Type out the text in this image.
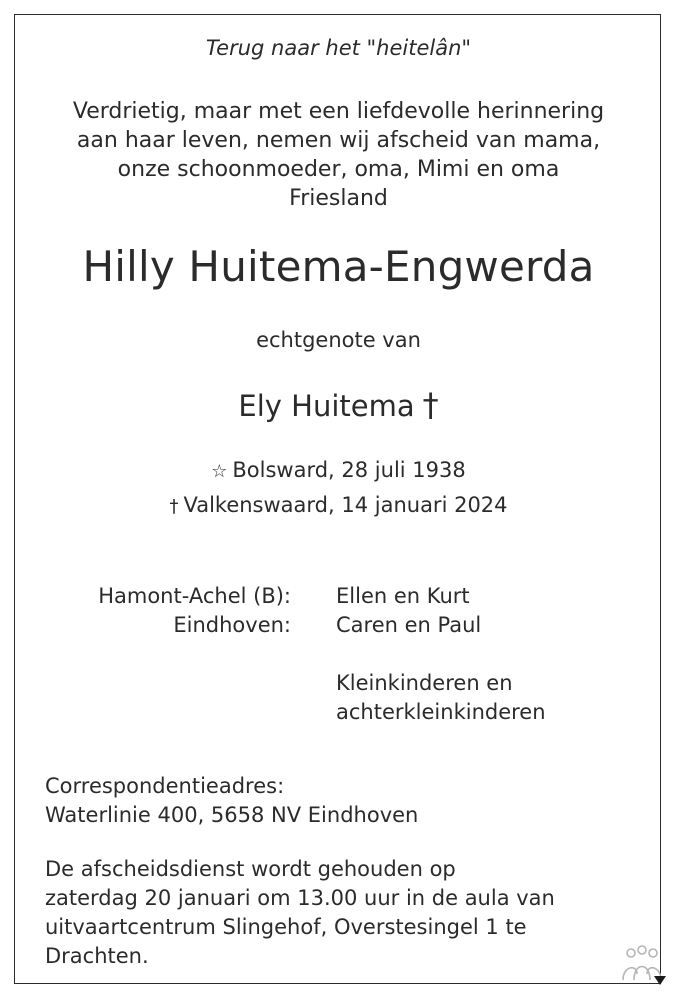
Terug naar het "heitelân"
Verdrietig, maar met een liefdevolle herinnering
aan haar leven, nemen wij afscheid van mama,
onze schoonmoeder, oma, Mimi en oma
Friesland
Hilly Huitema-Engwerda
echtgenote van
Ely Huitema †
☆ Bolsward, 28 juli 1938
† Valkenswaard, 14 januari 2024
Hamont-Achel (B): Ellen en Kurt
Eindhoven: Caren en Paul
Kleinkinderen en
achterkleinkinderen
Correspondentieadres:
Waterlinie 400, 5658 NV Eindhoven
De afscheidsdienst wordt gehouden op
zaterdag 20 januari om 13.00 uur in de aula van
uitvaartcentrum Slingehof, Overstesingel 1 te
Drachten.
